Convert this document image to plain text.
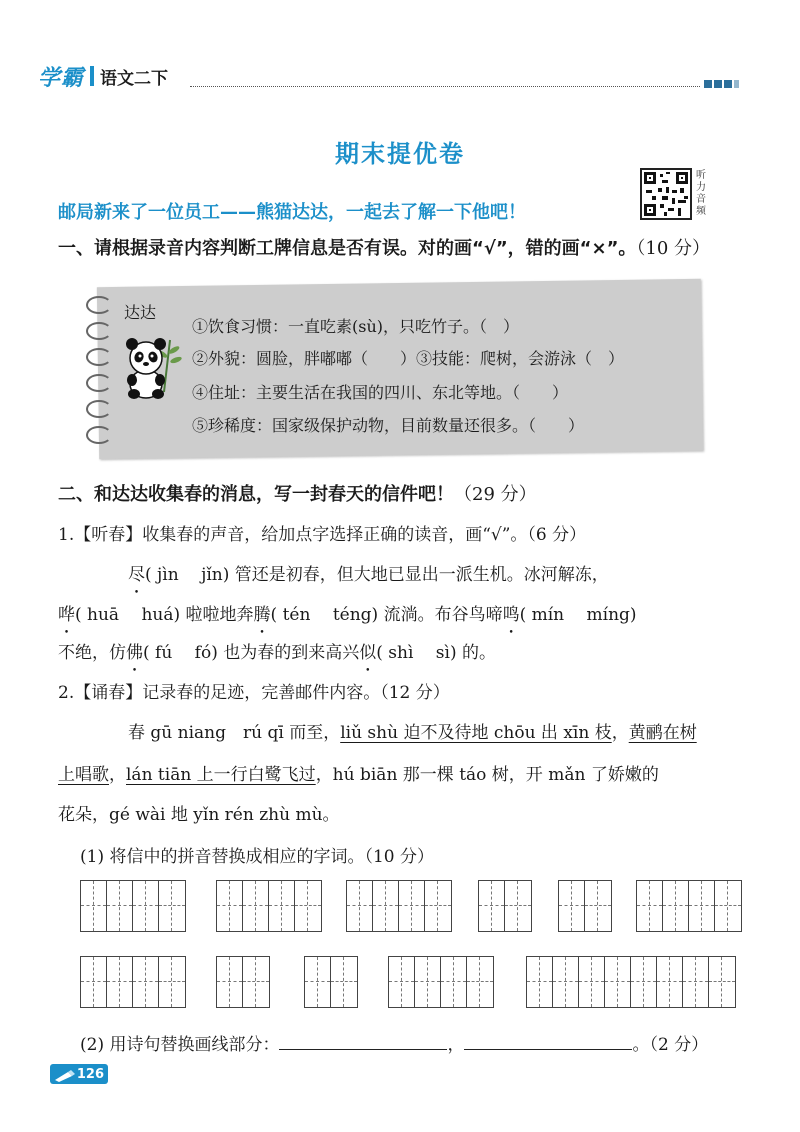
学霸 语文二下
期末提优卷
听力音频
邮局新来了一位员工——熊猫达达，一起去了解一下他吧！
一、请根据录音内容判断工牌信息是否有误。对的画“√”，错的画“×”。（10 分）
达达
①饮食习惯：一直吃素(sù)，只吃竹子。（　）
②外貌：圆脸，胖嘟嘟（　　）③技能：爬树，会游泳（　）
④住址：主要生活在我国的四川、东北等地。（　　）
⑤珍稀度：国家级保护动物，目前数量还很多。（　　）
二、和达达收集春的消息，写一封春天的信件吧！（29 分）
1.【听春】收集春的声音，给加点字选择正确的读音，画“√”。（6 分）
尽( jìn　 jǐn) 管还是初春，但大地已显出一派生机。冰河解冻，
哗( huā　 huá) 啦啦地奔腾( tén　 téng) 流淌。布谷鸟啼鸣( mín　 míng)
不绝，仿佛( fú　 fó) 也为春的到来高兴似( shì　 sì) 的。
2.【诵春】记录春的足迹，完善邮件内容。（12 分）
春 gū niang　rú qī 而至，liǔ shù 迫不及待地 chōu 出 xīn 枝，黄鹂在树
上唱歌，lán tiān 上一行白鹭飞过，hú biān 那一棵 táo 树，开 mǎn 了娇嫩的
花朵，gé wài 地 yǐn rén zhù mù。
(1) 将信中的拼音替换成相应的字词。（10 分）
(2) 用诗句替换画线部分：	，	。（2 分）
126
